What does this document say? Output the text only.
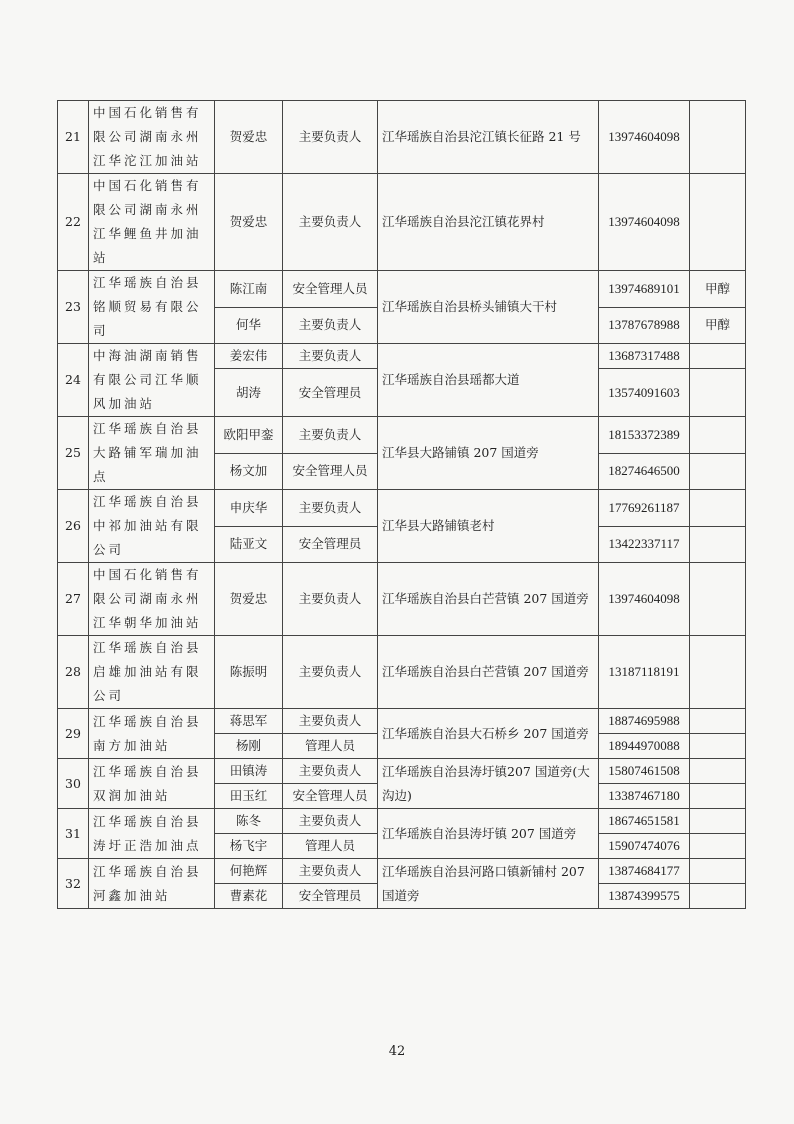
21	中国石化销售有限公司湖南永州江华沱江加油站	贺爱忠	主要负责人	江华瑶族自治县沱江镇长征路 21 号	13974604098	
22	中国石化销售有限公司湖南永州江华鲤鱼井加油站	贺爱忠	主要负责人	江华瑶族自治县沱江镇花界村	13974604098	
23	江华瑶族自治县铭顺贸易有限公司	陈江南	安全管理人员	江华瑶族自治县桥头铺镇大干村	13974689101	甲醇
		何华	主要负责人		13787678988	甲醇
24	中海油湖南销售有限公司江华顺风加油站	姜宏伟	主要负责人	江华瑶族自治县瑶都大道	13687317488	
		胡涛	安全管理员		13574091603	
25	江华瑶族自治县大路铺军瑞加油点	欧阳甲銮	主要负责人	江华县大路铺镇 207 国道旁	18153372389	
		杨文加	安全管理人员		18274646500	
26	江华瑶族自治县中祁加油站有限公司	申庆华	主要负责人	江华县大路铺镇老村	17769261187	
		陆亚文	安全管理员		13422337117	
27	中国石化销售有限公司湖南永州江华朝华加油站	贺爱忠	主要负责人	江华瑶族自治县白芒营镇 207 国道旁	13974604098	
28	江华瑶族自治县启雄加油站有限公司	陈振明	主要负责人	江华瑶族自治县白芒营镇 207 国道旁	13187118191	
29	江华瑶族自治县南方加油站	蒋思军	主要负责人	江华瑶族自治县大石桥乡 207 国道旁	18874695988	
		杨刚	管理人员		18944970088	
30	江华瑶族自治县双润加油站	田镇涛	主要负责人	江华瑶族自治县涛圩镇207 国道旁(大沟边)	15807461508	
		田玉红	安全管理人员		13387467180	
31	江华瑶族自治县涛圩正浩加油点	陈冬	主要负责人	江华瑶族自治县涛圩镇 207 国道旁	18674651581	
		杨飞宇	管理人员		15907474076	
32	江华瑶族自治县河鑫加油站	何艳辉	主要负责人	江华瑶族自治县河路口镇新铺村 207 国道旁	13874684177	
		曹素花	安全管理员		13874399575	
42
